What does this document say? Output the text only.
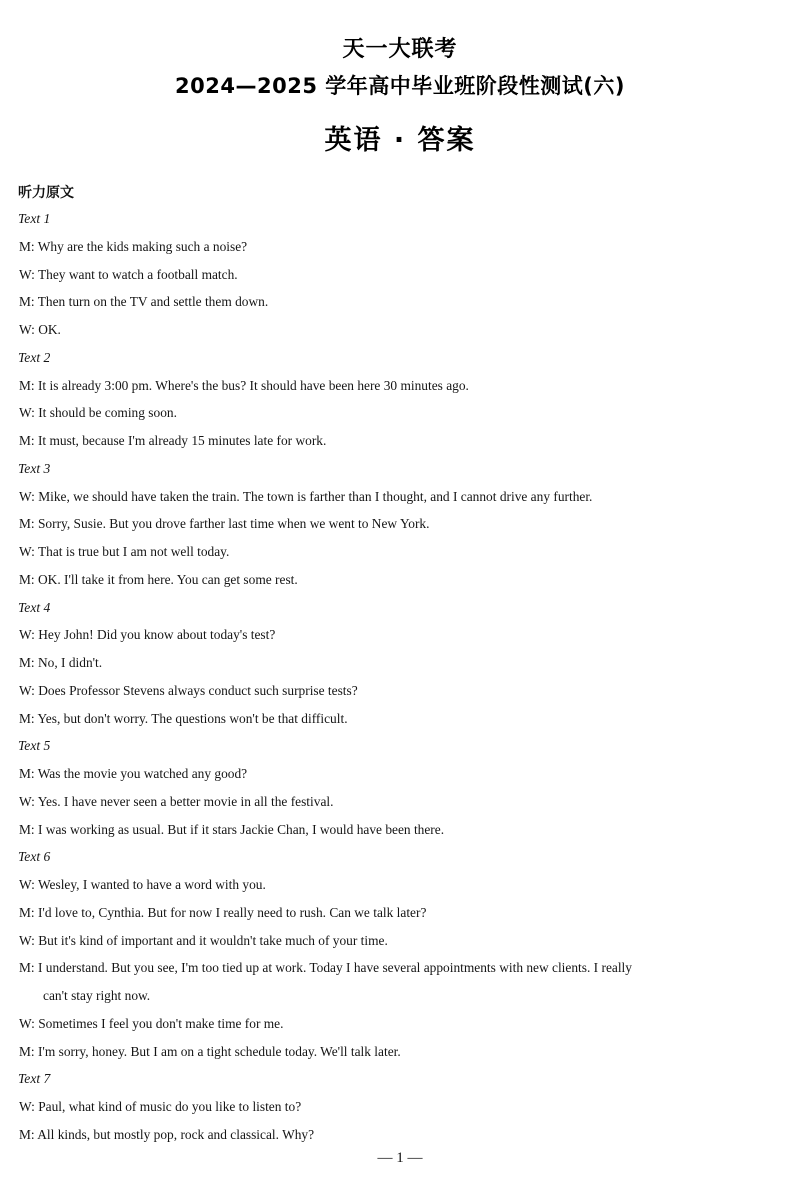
天一大联考
2024—2025 学年高中毕业班阶段性测试(六)
英语 · 答案
听力原文
Text 1
M: Why are the kids making such a noise?
W: They want to watch a football match.
M: Then turn on the TV and settle them down.
W: OK.
Text 2
M: It is already 3:00 pm. Where's the bus? It should have been here 30 minutes ago.
W: It should be coming soon.
M: It must, because I'm already 15 minutes late for work.
Text 3
W: Mike, we should have taken the train. The town is farther than I thought, and I cannot drive any further.
M: Sorry, Susie. But you drove farther last time when we went to New York.
W: That is true but I am not well today.
M: OK. I'll take it from here. You can get some rest.
Text 4
W: Hey John! Did you know about today's test?
M: No, I didn't.
W: Does Professor Stevens always conduct such surprise tests?
M: Yes, but don't worry. The questions won't be that difficult.
Text 5
M: Was the movie you watched any good?
W: Yes. I have never seen a better movie in all the festival.
M: I was working as usual. But if it stars Jackie Chan, I would have been there.
Text 6
W: Wesley, I wanted to have a word with you.
M: I'd love to, Cynthia. But for now I really need to rush. Can we talk later?
W: But it's kind of important and it wouldn't take much of your time.
M: I understand. But you see, I'm too tied up at work. Today I have several appointments with new clients. I really
can't stay right now.
W: Sometimes I feel you don't make time for me.
M: I'm sorry, honey. But I am on a tight schedule today. We'll talk later.
Text 7
W: Paul, what kind of music do you like to listen to?
M: All kinds, but mostly pop, rock and classical. Why?
— 1 —
